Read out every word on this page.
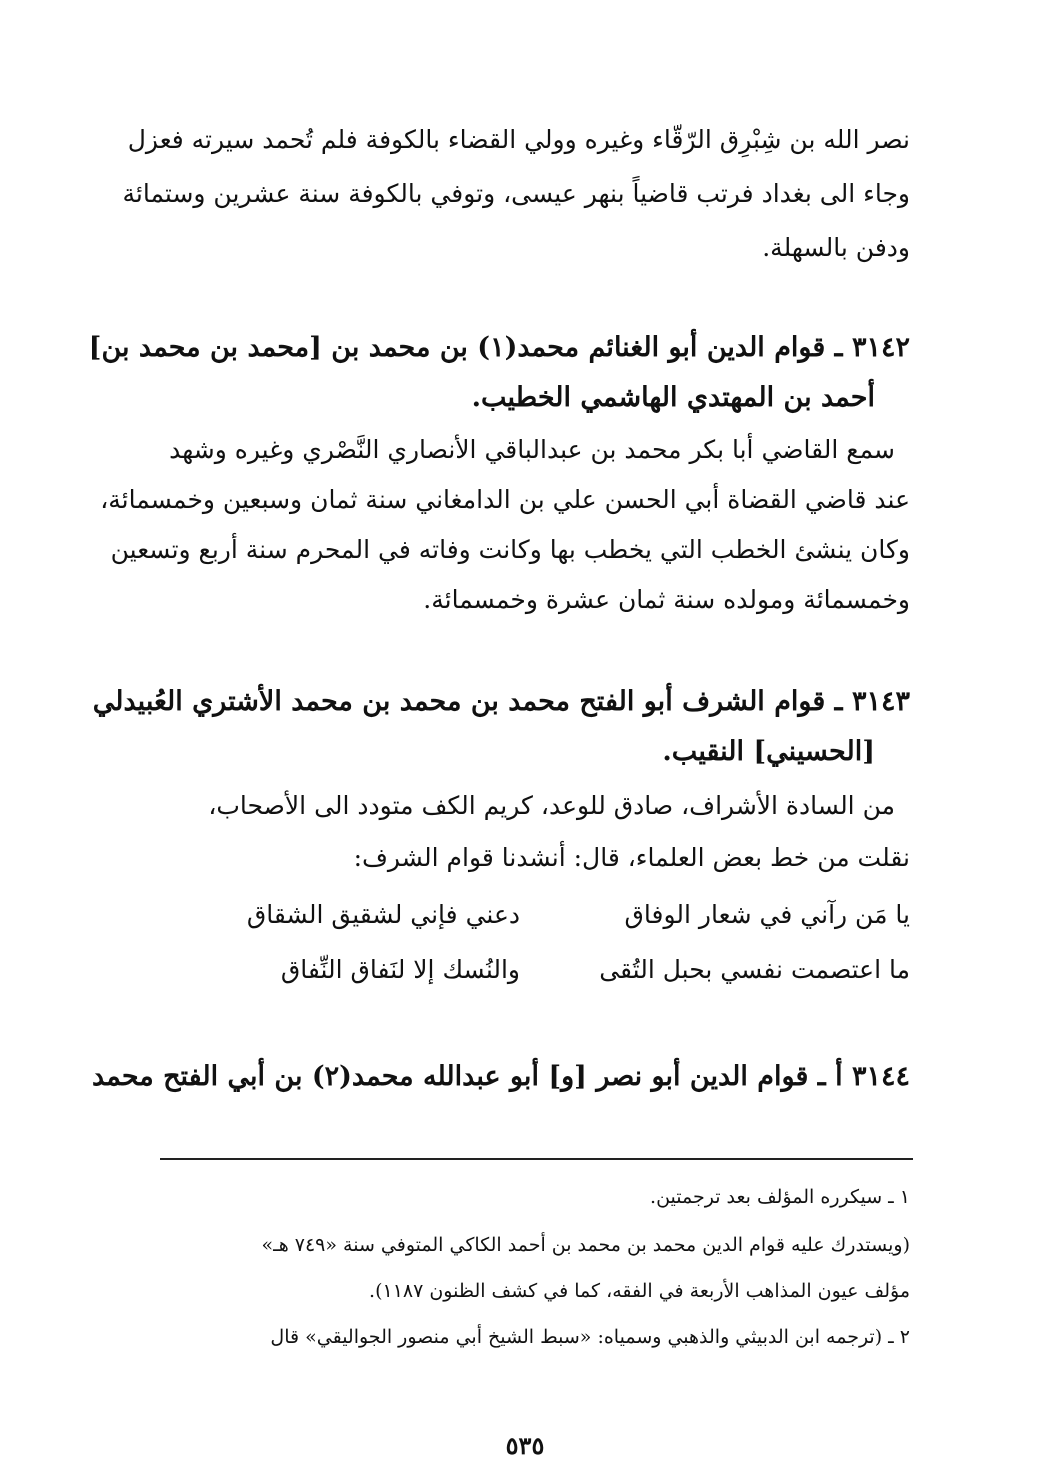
نصر الله بن شِبْرِق الرّقّاء وغيره وولي القضاء بالكوفة فلم تُحمد سيرته فعزل
وجاء الى بغداد فرتب قاضياً بنهر عيسى، وتوفي بالكوفة سنة عشرين وستمائة
ودفن بالسهلة.
٣١٤٢ ـ قوام الدين أبو الغنائم محمد(١) بن محمد بن [محمد بن محمد بن]
أحمد بن المهتدي الهاشمي الخطيب.
سمع القاضي أبا بكر محمد بن عبدالباقي الأنصاري النَّصْري وغيره وشهد
عند قاضي القضاة أبي الحسن علي بن الدامغاني سنة ثمان وسبعين وخمسمائة،
وكان ينشئ الخطب التي يخطب بها وكانت وفاته في المحرم سنة أربع وتسعين
وخمسمائة ومولده سنة ثمان عشرة وخمسمائة.
٣١٤٣ ـ قوام الشرف أبو الفتح محمد بن محمد بن محمد الأشتري العُبيدلي
[الحسيني] النقيب.
من السادة الأشراف، صادق للوعد، كريم الكف متودد الى الأصحاب،
نقلت من خط بعض العلماء، قال: أنشدنا قوام الشرف:
يا مَن رآني في شعار الوفاق
دعني فإني لشقيق الشقاق
ما اعتصمت نفسي بحبل التُقى
والنُسك إلا لنَفاق النِّفاق
٣١٤٤ أ ـ قوام الدين أبو نصر [و] أبو عبدالله محمد(٢) بن أبي الفتح محمد
١ ـ سيكرره المؤلف بعد ترجمتين.
(ويستدرك عليه قوام الدين محمد بن محمد بن أحمد الكاكي المتوفي سنة «٧٤٩ هـ»
مؤلف عيون المذاهب الأربعة في الفقه، كما في كشف الظنون ١١٨٧).
٢ ـ (ترجمه ابن الدبيثي والذهبي وسمياه: «سبط الشيخ أبي منصور الجواليقي» قال
٥٣٥
